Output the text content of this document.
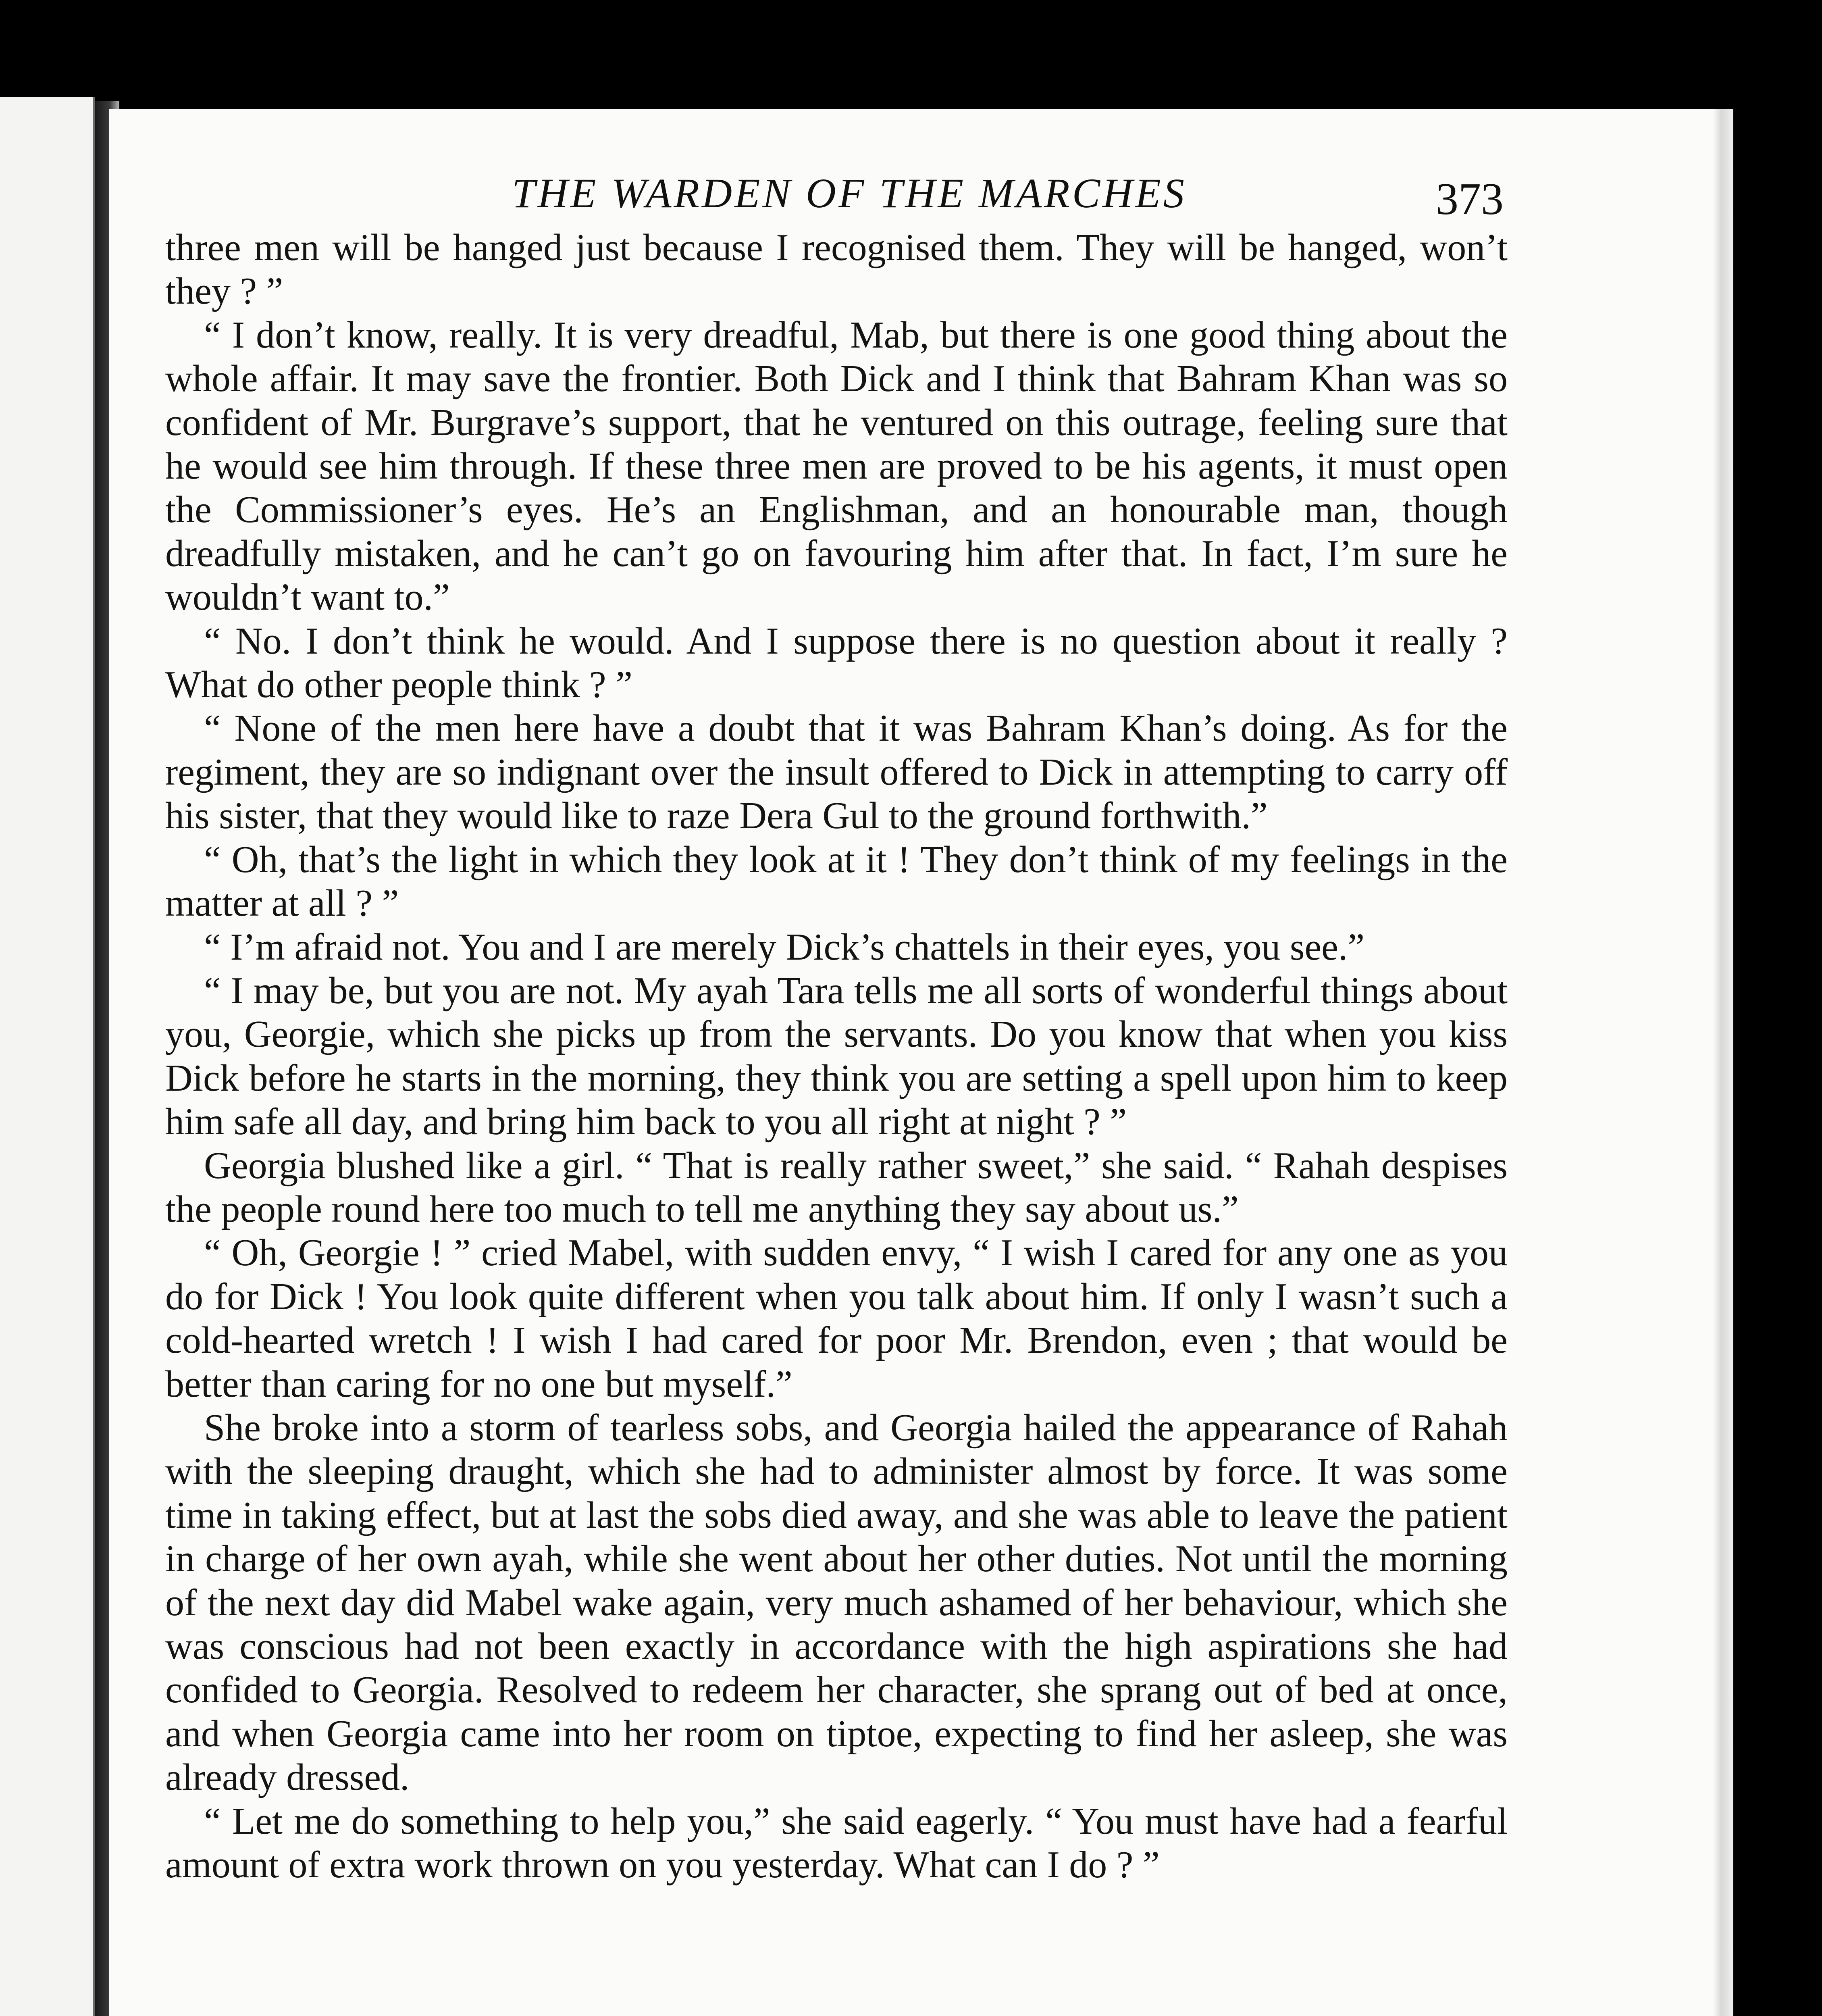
THE WARDEN OF THE MARCHES	373

three men will be hanged just because I recognised them. They will be hanged, won’t they ? ”

“ I don’t know, really. It is very dreadful, Mab, but there is one good thing about the whole affair. It may save the frontier. Both Dick and I think that Bahram Khan was so confident of Mr. Burgrave’s support, that he ventured on this outrage, feeling sure that he would see him through. If these three men are proved to be his agents, it must open the Commissioner’s eyes. He’s an Englishman, and an honourable man, though dreadfully mistaken, and he can’t go on favouring him after that. In fact, I’m sure he wouldn’t want to.”

“ No. I don’t think he would. And I suppose there is no question about it really ? What do other people think ? ”

“ None of the men here have a doubt that it was Bahram Khan’s doing. As for the regiment, they are so indignant over the insult offered to Dick in attempting to carry off his sister, that they would like to raze Dera Gul to the ground forthwith.”

“ Oh, that’s the light in which they look at it ! They don’t think of my feelings in the matter at all ? ”

“ I’m afraid not. You and I are merely Dick’s chattels in their eyes, you see.”

“ I may be, but you are not. My ayah Tara tells me all sorts of wonderful things about you, Georgie, which she picks up from the servants. Do you know that when you kiss Dick before he starts in the morning, they think you are setting a spell upon him to keep him safe all day, and bring him back to you all right at night ? ”

Georgia blushed like a girl. “ That is really rather sweet,” she said. “ Rahah despises the people round here too much to tell me anything they say about us.”

“ Oh, Georgie ! ” cried Mabel, with sudden envy, “ I wish I cared for any one as you do for Dick ! You look quite different when you talk about him. If only I wasn’t such a cold-hearted wretch ! I wish I had cared for poor Mr. Brendon, even ; that would be better than caring for no one but myself.”

She broke into a storm of tearless sobs, and Georgia hailed the appearance of Rahah with the sleeping draught, which she had to administer almost by force. It was some time in taking effect, but at last the sobs died away, and she was able to leave the patient in charge of her own ayah, while she went about her other duties. Not until the morning of the next day did Mabel wake again, very much ashamed of her behaviour, which she was conscious had not been exactly in accordance with the high aspirations she had confided to Georgia. Resolved to redeem her character, she sprang out of bed at once, and when Georgia came into her room on tiptoe, expecting to find her asleep, she was already dressed.

“ Let me do something to help you,” she said eagerly. “ You must have had a fearful amount of extra work thrown on you yesterday. What can I do ? ”
